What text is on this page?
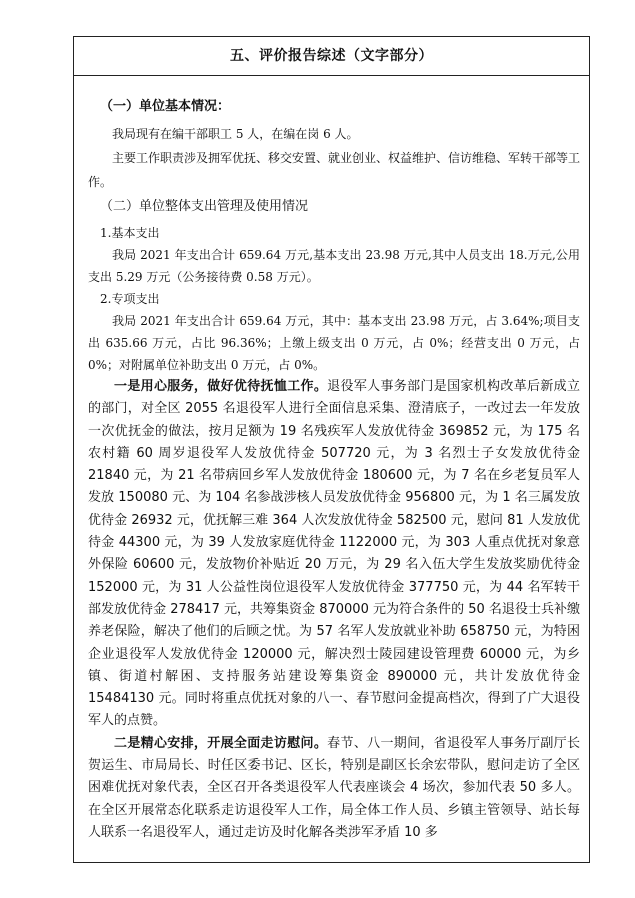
五、评价报告综述（文字部分）

（一）单位基本情况：

我局现有在编干部职工 5 人，在编在岗 6 人。

主要工作职责涉及拥军优抚、移交安置、就业创业、权益维护、信访维稳、军转干部等工作。

（二）单位整体支出管理及使用情况

1.基本支出

我局 2021 年支出合计 659.64 万元,基本支出 23.98 万元,其中人员支出 18.万元,公用支出 5.29 万元（公务接待费 0.58 万元）。

2.专项支出

我局 2021 年支出合计 659.64 万元，其中：基本支出 23.98 万元，占 3.64%;项目支出 635.66 万元，占比 96.36%；上缴上级支出 0 万元，占 0%；经营支出 0 万元，占 0%；对附属单位补助支出 0 万元，占 0%。

一是用心服务，做好优待抚恤工作。退役军人事务部门是国家机构改革后新成立的部门，对全区 2055 名退役军人进行全面信息采集、澄清底子，一改过去一年发放一次优抚金的做法，按月足额为 19 名残疾军人发放优待金 369852 元，为 175 名农村籍 60 周岁退役军人发放优待金 507720 元，为 3 名烈士子女发放优待金 21840 元，为 21 名带病回乡军人发放优待金 180600 元，为 7 名在乡老复员军人发放 150080 元、为 104 名参战涉核人员发放优待金 956800 元，为 1 名三属发放优待金 26932 元，优抚解三难 364 人次发放优待金 582500 元，慰问 81 人发放优待金 44300 元，为 39 人发放家庭优待金 1122000 元，为 303 人重点优抚对象意外保险 60600 元，发放物价补贴近 20 万元，为 29 名入伍大学生发放奖励优待金 152000 元，为 31 人公益性岗位退役军人发放优待金 377750 元，为 44 名军转干部发放优待金 278417 元，共筹集资金 870000 元为符合条件的 50 名退役士兵补缴养老保险，解决了他们的后顾之忧。为 57 名军人发放就业补助 658750 元，为特困企业退役军人发放优待金 120000 元，解决烈士陵园建设管理费 60000 元，为乡镇、街道村解困、支持服务站建设筹集资金 890000 元，共计发放优待金 15484130 元。同时将重点优抚对象的八一、春节慰问金提高档次，得到了广大退役军人的点赞。

二是精心安排，开展全面走访慰问。春节、八一期间，省退役军人事务厅副厅长贺运生、市局局长、时任区委书记、区长，特别是副区长余宏带队，慰问走访了全区困难优抚对象代表，全区召开各类退役军人代表座谈会 4 场次，参加代表 50 多人。在全区开展常态化联系走访退役军人工作，局全体工作人员、乡镇主管领导、站长每人联系一名退役军人，通过走访及时化解各类涉军矛盾 10 多
